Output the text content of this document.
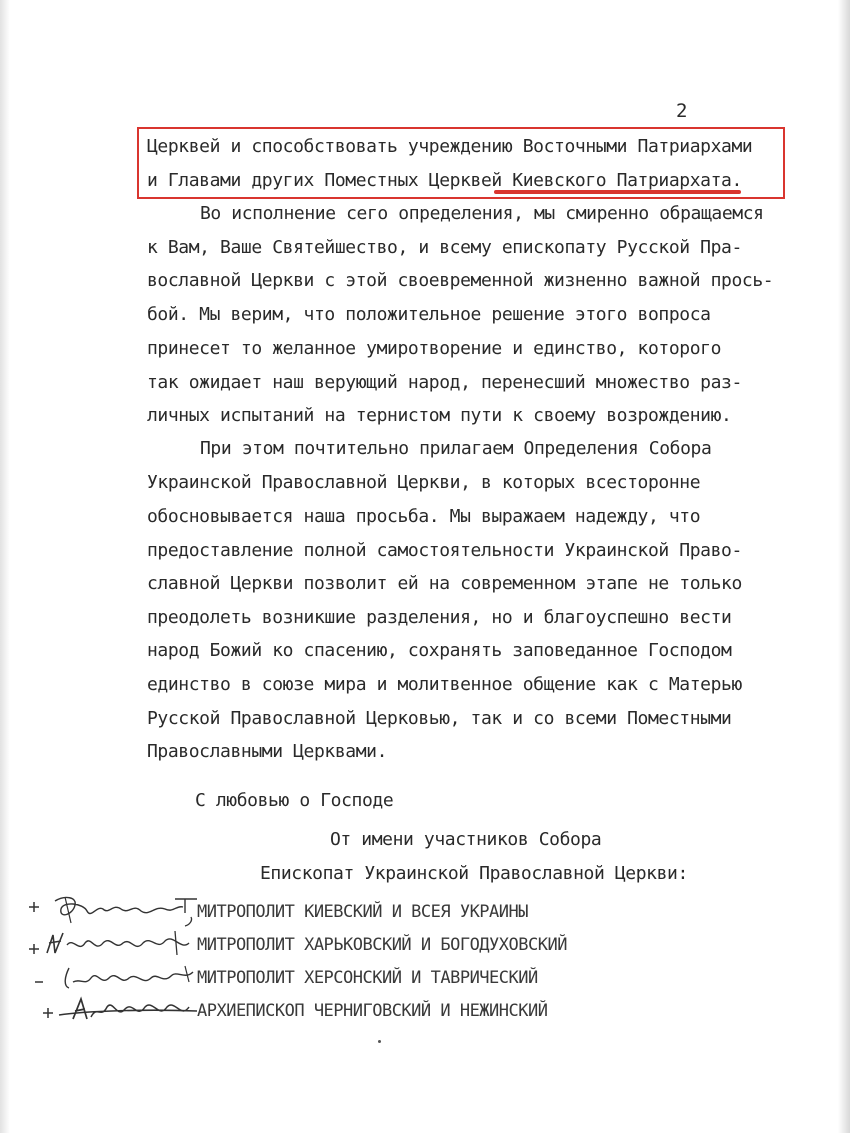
2
Церквей и способствовать учреждению Восточными Патриархами
и Главами других Поместных Церквей Киевского Патриархата.
Во исполнение сего определения, мы смиренно обращаемся
к Вам, Ваше Святейшество, и всему епископату Русской Пра-
вославной Церкви с этой своевременной жизненно важной прось-
бой. Мы верим, что положительное решение этого вопроса
принесет то желанное умиротворение и единство, которого
так ожидает наш верующий народ, перенесший множество раз-
личных испытаний на тернистом пути к своему возрождению.
При этом почтительно прилагаем Определения Собора
Украинской Православной Церкви, в которых всесторонне
обосновывается наша просьба. Мы выражаем надежду, что
предоставление полной самостоятельности Украинской Право-
славной Церкви позволит ей на современном этапе не только
преодолеть возникшие разделения, но и благоуспешно вести
народ Божий ко спасению, сохранять заповеданное Господом
единство в союзе мира и молитвенное общение как с Матерью
Русской Православной Церковью, так и со всеми Поместными
Православными Церквами.
С любовью о Господе
От имени участников Собора
Епископат Украинской Православной Церкви:
МИТРОПОЛИТ КИЕВСКИЙ И ВСЕЯ УКРАИНЫ
МИТРОПОЛИТ ХАРЬКОВСКИЙ И БОГОДУХОВСКИЙ
МИТРОПОЛИТ ХЕРСОНСКИЙ И ТАВРИЧЕСКИЙ
АРХИЕПИСКОП ЧЕРНИГОВСКИЙ И НЕЖИНСКИЙ
